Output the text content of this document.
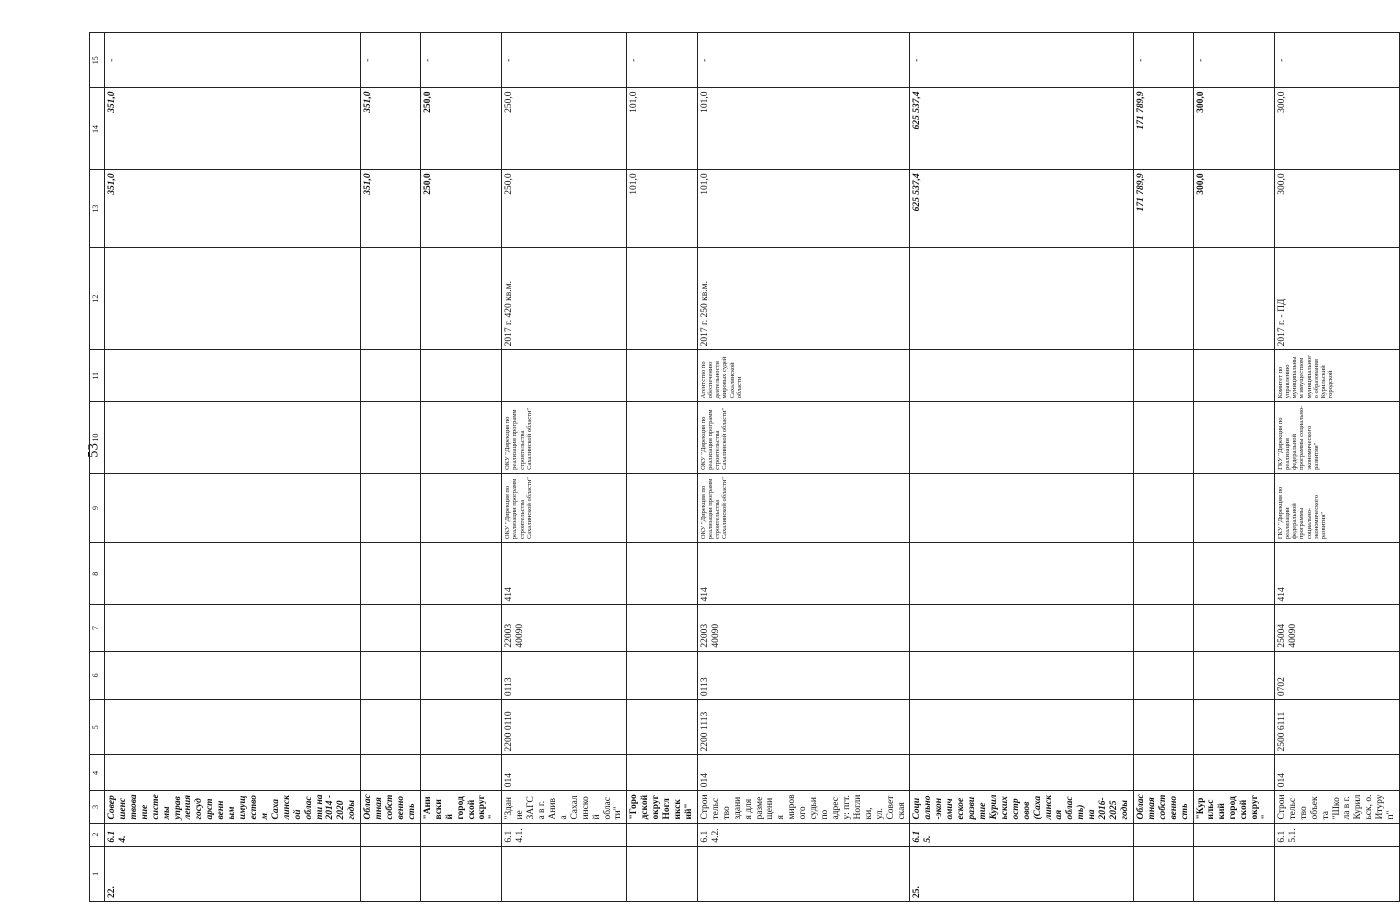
53
1	2	3	4	5	6	7	8	9	10	11	12	13	14	15
22.	6.14.	Совершенствование системы управления государственным имуществом Сахалинской области на 2014 - 2020 годы										351,0	351,0	-
		Областная собственность										351,0	351,0	-
		"Анивский городской округ"										250,0	250,0	-
	6.14.1.	"Здание ЗАГСа в г. Анива Сахалинской области"	014	2200 0110	0113	22003 40090	414	ОКУ "Дирекция по реализации программ строительства Сахалинской области"	ОКУ "Дирекция по реализации программ строительства Сахалинской области"		2017 г. 420 кв.м.	250,0	250,0	-
		"Городской округ Ногликский"										101,0	101,0	-
	6.14.2.	Строительство здания для размещения мирового судьи по адресу: пгт. Ноглики, ул. Советская	014	2200 1113	0113	22003 40090	414	ОКУ "Дирекция по реализации программ строительства Сахалинской области"	ОКУ "Дирекция по реализации программ строительства Сахалинской области"	Агентство по обеспечению деятельности мировых судей Сахалинской области	2017 г. 250 кв.м.	101,0	101,0	-
25.	6.15.	Социально-экономическое развитие Курильских островов (Сахалинская область) на 2016-2025 годы										625 537,4	625 537,4	-
		Областная собственность										171 789,9	171 789,9	-
		"Курильский городской округ"										300,0	300,0	-
	6.15.1.	Строительство объекта "Школа в г. Курильск, о. Итуруп"	014	2500 6111	0702	25004 40090	414	ГКУ "Дирекция по реализации федеральной программы социально-экономического развития"	ГКУ "Дирекция по реализации федеральной программы социально-экономического развития"	Комитет по управлению муниципальным имуществом муниципального образования Курильский городской	2017 г. - ПД	300,0	300,0	-
